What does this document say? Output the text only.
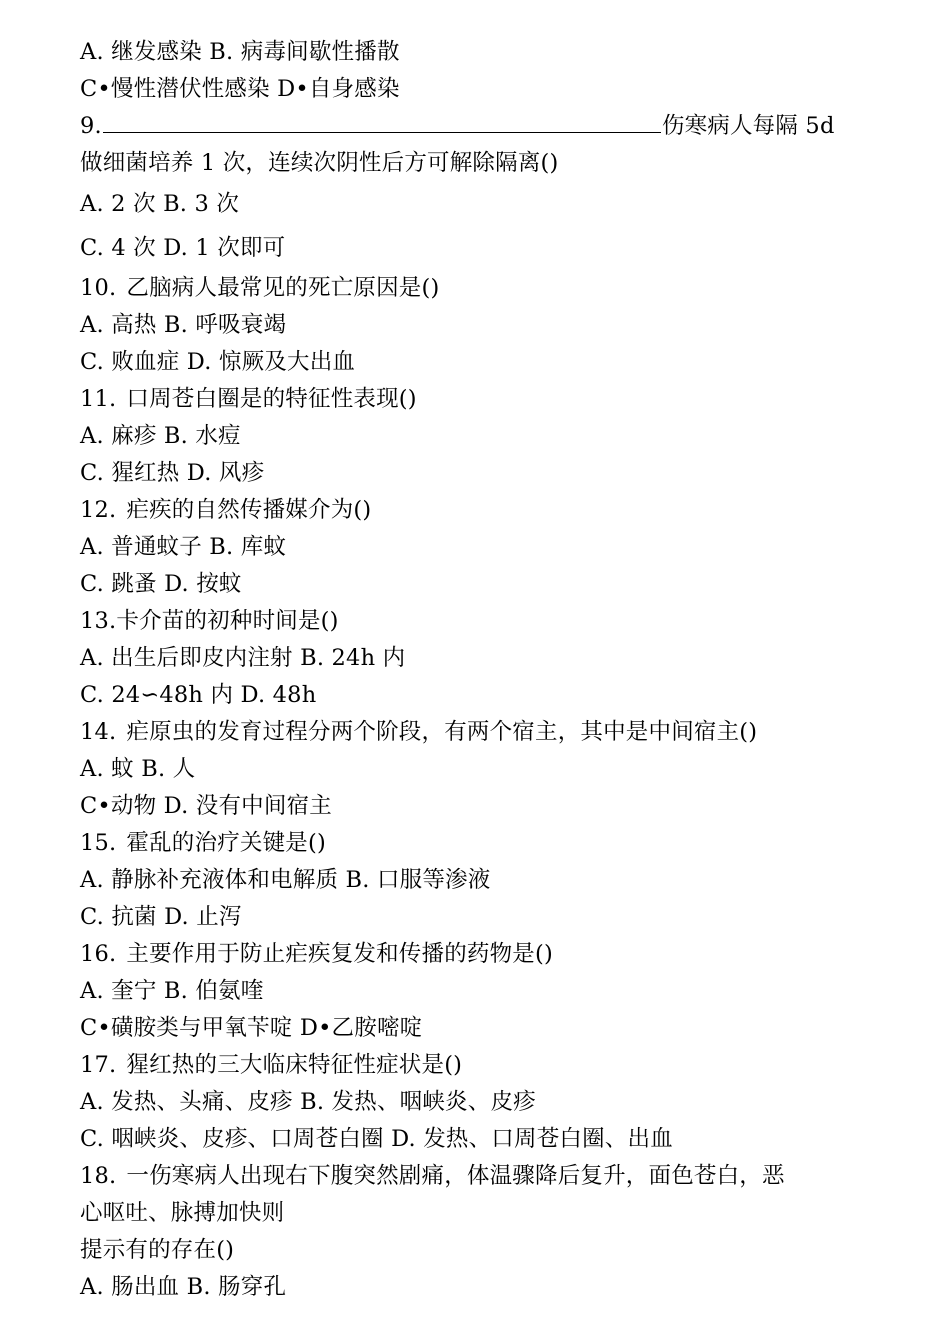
A. 继发感染 B. 病毒间歇性播散
C•慢性潜伏性感染 D•自身感染
9.	伤寒病人每隔 5d
做细菌培养 1 次，连续次阴性后方可解除隔离()
A. 2 次 B. 3 次
C. 4 次 D. 1 次即可
10. 乙脑病人最常见的死亡原因是()
A. 高热 B. 呼吸衰竭
C. 败血症 D. 惊厥及大出血
11. 口周苍白圈是的特征性表现()
A. 麻疹 B. 水痘
C. 猩红热 D. 风疹
12. 疟疾的自然传播媒介为()
A. 普通蚊子 B. 库蚊
C. 跳蚤 D. 按蚊
13.卡介苗的初种时间是()
A. 出生后即皮内注射 B. 24h 内
C. 24∽48h 内 D. 48h
14. 疟原虫的发育过程分两个阶段，有两个宿主，其中是中间宿主()
A. 蚊 B. 人
C•动物 D. 没有中间宿主
15. 霍乱的治疗关键是()
A. 静脉补充液体和电解质 B. 口服等渗液
C. 抗菌 D. 止泻
16. 主要作用于防止疟疾复发和传播的药物是()
A. 奎宁 B. 伯氨喹
C•磺胺类与甲氧苄啶 D•乙胺嘧啶
17. 猩红热的三大临床特征性症状是()
A. 发热、头痛、皮疹 B. 发热、咽峡炎、皮疹
C. 咽峡炎、皮疹、口周苍白圈 D. 发热、口周苍白圈、出血
18. 一伤寒病人出现右下腹突然剧痛，体温骤降后复升，面色苍白，恶
心呕吐、脉搏加快则
提示有的存在()
A. 肠出血 B. 肠穿孔
